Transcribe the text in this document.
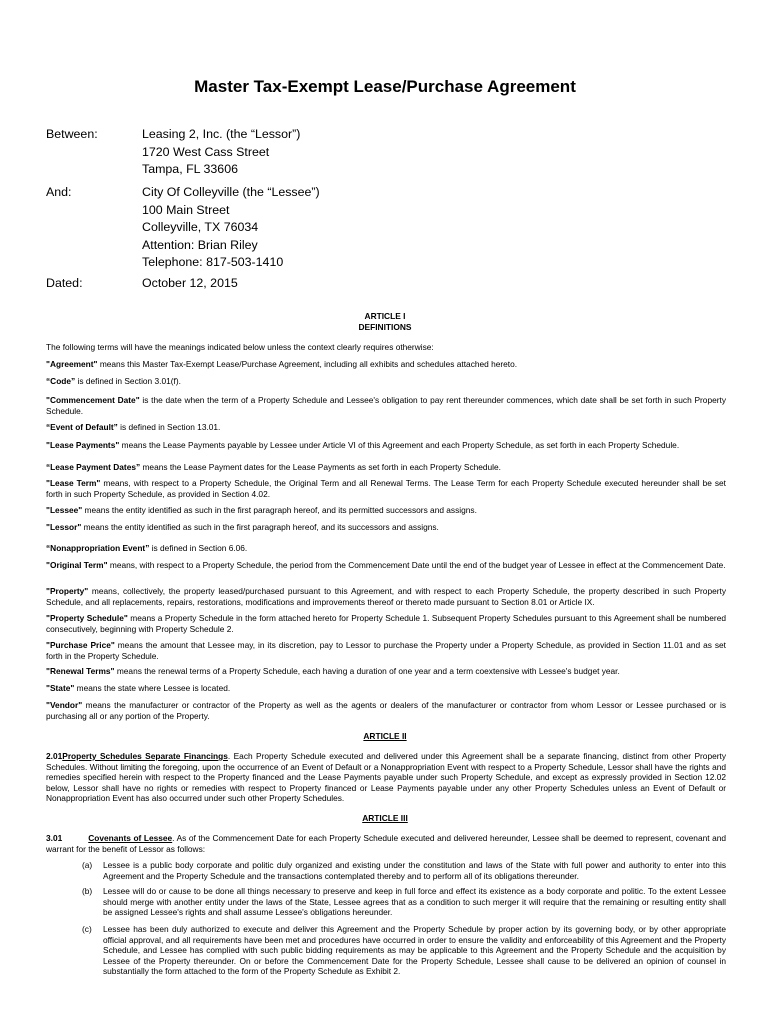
Master Tax-Exempt Lease/Purchase Agreement
Between:	Leasing 2, Inc. (the “Lessor”)
1720 West Cass Street
Tampa, FL 33606
And:	City Of Colleyville (the “Lessee”)
100 Main Street
Colleyville, TX 76034
Attention: Brian Riley
Telephone: 817-503-1410
Dated:	October 12, 2015
ARTICLE I
DEFINITIONS

The following terms will have the meanings indicated below unless the context clearly requires otherwise:

"Agreement" means this Master Tax-Exempt Lease/Purchase Agreement, including all exhibits and schedules attached hereto.

“Code” is defined in Section 3.01(f).

"Commencement Date" is the date when the term of a Property Schedule and Lessee's obligation to pay rent thereunder commences, which date shall be set forth in such Property Schedule.

“Event of Default” is defined in Section 13.01.

"Lease Payments" means the Lease Payments payable by Lessee under Article VI of this Agreement and each Property Schedule, as set forth in each Property Schedule.

“Lease Payment Dates” means the Lease Payment dates for the Lease Payments as set forth in each Property Schedule.

"Lease Term" means, with respect to a Property Schedule, the Original Term and all Renewal Terms. The Lease Term for each Property Schedule executed hereunder shall be set forth in such Property Schedule, as provided in Section 4.02.

"Lessee" means the entity identified as such in the first paragraph hereof, and its permitted successors and assigns.

"Lessor" means the entity identified as such in the first paragraph hereof, and its successors and assigns.

“Nonappropriation Event” is defined in Section 6.06.

"Original Term" means, with respect to a Property Schedule, the period from the Commencement Date until the end of the budget year of Lessee in effect at the Commencement Date.

"Property" means, collectively, the property leased/purchased pursuant to this Agreement, and with respect to each Property Schedule, the property described in such Property Schedule, and all replacements, repairs, restorations, modifications and improvements thereof or thereto made pursuant to Section 8.01 or Article IX.

"Property Schedule" means a Property Schedule in the form attached hereto for Property Schedule 1. Subsequent Property Schedules pursuant to this Agreement shall be numbered consecutively, beginning with Property Schedule 2.

"Purchase Price" means the amount that Lessee may, in its discretion, pay to Lessor to purchase the Property under a Property Schedule, as provided in Section 11.01 and as set forth in the Property Schedule.

"Renewal Terms" means the renewal terms of a Property Schedule, each having a duration of one year and a term coextensive with Lessee's budget year.

"State" means the state where Lessee is located.

"Vendor" means the manufacturer or contractor of the Property as well as the agents or dealers of the manufacturer or contractor from whom Lessor or Lessee purchased or is purchasing all or any portion of the Property.

ARTICLE II

2.01Property Schedules Separate Financings. Each Property Schedule executed and delivered under this Agreement shall be a separate financing, distinct from other Property Schedules. Without limiting the foregoing, upon the occurrence of an Event of Default or a Nonappropriation Event with respect to a Property Schedule, Lessor shall have the rights and remedies specified herein with respect to the Property financed and the Lease Payments payable under such Property Schedule, and except as expressly provided in Section 12.02 below, Lessor shall have no rights or remedies with respect to Property financed or Lease Payments payable under any other Property Schedules unless an Event of Default or Nonappropriation Event has also occurred under such other Property Schedules.

ARTICLE III

3.01	Covenants of Lessee. As of the Commencement Date for each Property Schedule executed and delivered hereunder, Lessee shall be deemed to represent, covenant and warrant for the benefit of Lessor as follows:

(a) Lessee is a public body corporate and politic duly organized and existing under the constitution and laws of the State with full power and authority to enter into this Agreement and the Property Schedule and the transactions contemplated thereby and to perform all of its obligations thereunder.
(b) Lessee will do or cause to be done all things necessary to preserve and keep in full force and effect its existence as a body corporate and politic. To the extent Lessee should merge with another entity under the laws of the State, Lessee agrees that as a condition to such merger it will require that the remaining or resulting entity shall be assigned Lessee's rights and shall assume Lessee's obligations hereunder.
(c) Lessee has been duly authorized to execute and deliver this Agreement and the Property Schedule by proper action by its governing body, or by other appropriate official approval, and all requirements have been met and procedures have occurred in order to ensure the validity and enforceability of this Agreement and the Property Schedule, and Lessee has complied with such public bidding requirements as may be applicable to this Agreement and the Property Schedule and the acquisition by Lessee of the Property thereunder. On or before the Commencement Date for the Property Schedule, Lessee shall cause to be delivered an opinion of counsel in substantially the form attached to the form of the Property Schedule as Exhibit 2.
